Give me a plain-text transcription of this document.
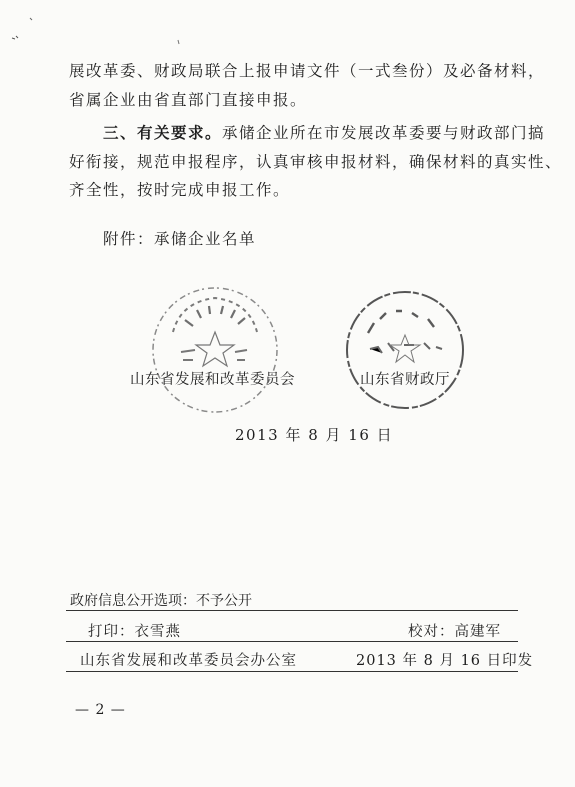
展改革委、财政局联合上报申请文件（一式叁份）及必备材料，
省属企业由省直部门直接申报。
三、有关要求。承储企业所在市发展改革委要与财政部门搞
好衔接，规范申报程序，认真审核申报材料，确保材料的真实性、
齐全性，按时完成申报工作。
附件：承储企业名单
山东省发展和改革委员会	山东省财政厅
2013 年 8 月 16 日
政府信息公开选项：不予公开
打印：衣雪燕	校对：高建军
山东省发展和改革委员会办公室	2013 年 8 月 16 日印发
— 2 —
